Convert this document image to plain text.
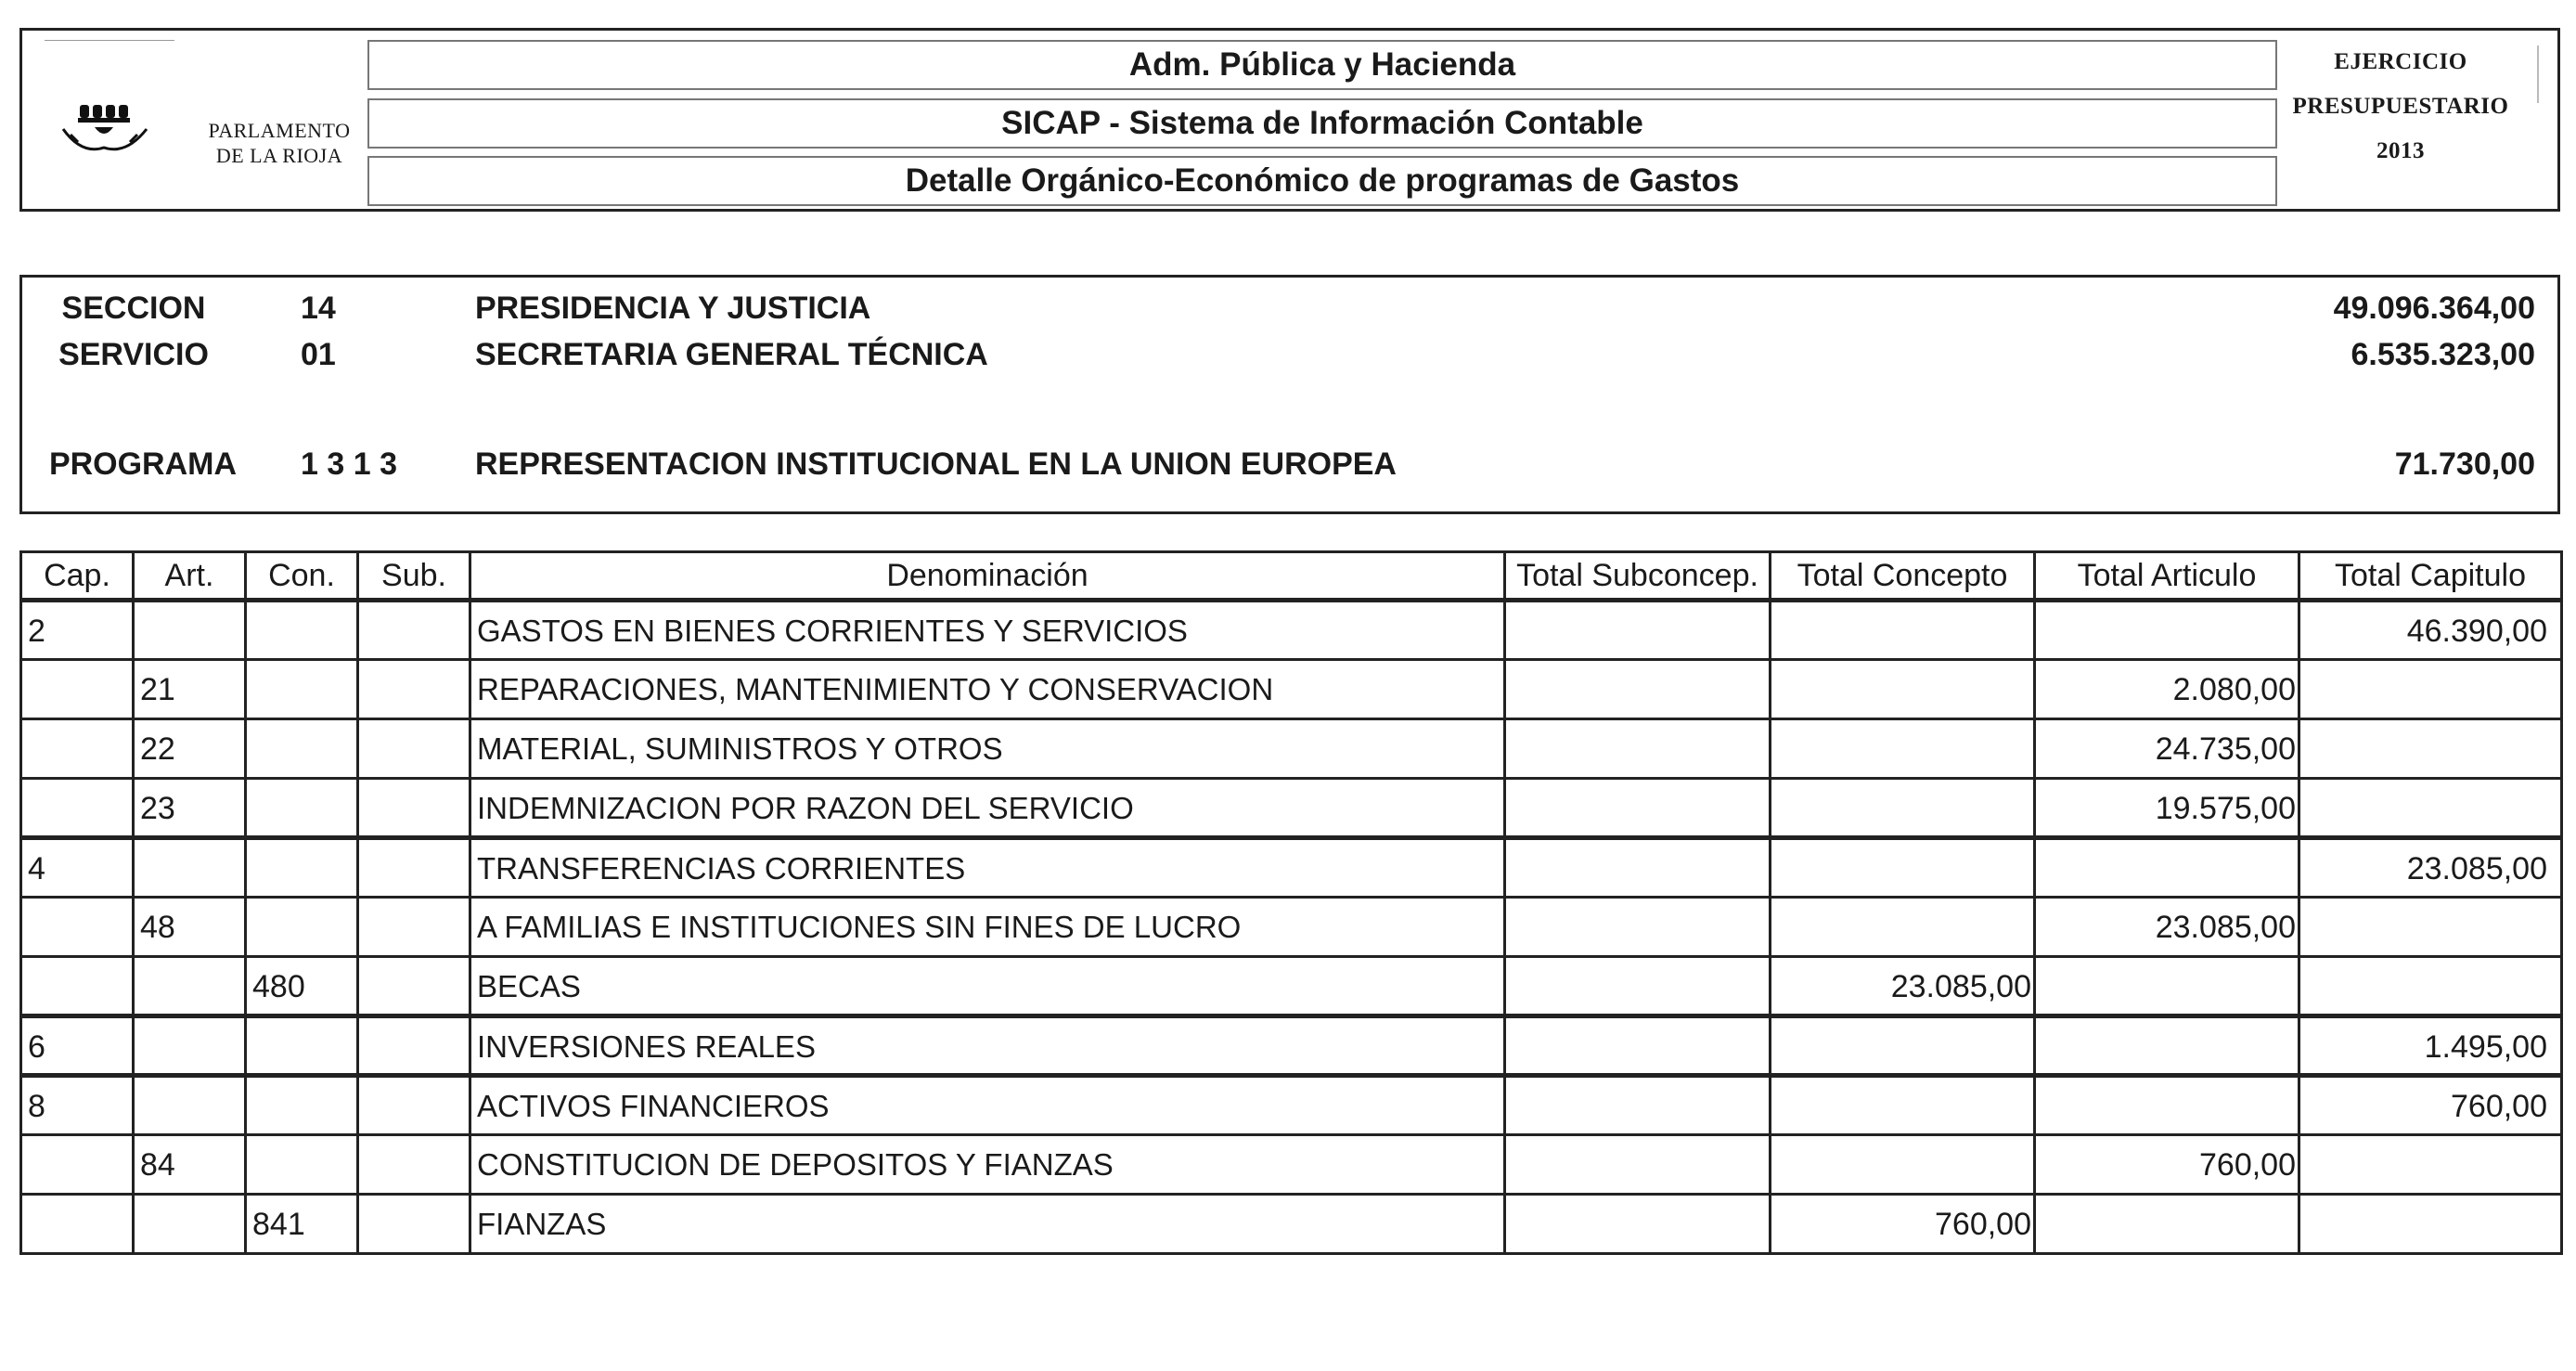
PARLAMENTO
DE LA RIOJA
Adm. Pública y Hacienda
SICAP - Sistema de Información Contable
Detalle Orgánico-Económico de programas de Gastos
EJERCICIO
PRESUPUESTARIO
2013
SECCION	14	PRESIDENCIA Y JUSTICIA	49.096.364,00
SERVICIO	01	SECRETARIA GENERAL TÉCNICA	6.535.323,00
PROGRAMA	1 3 1 3 REPRESENTACION INSTITUCIONAL EN LA UNION EUROPEA	71.730,00
Cap.	Art.	Con.	Sub.	Denominación	Total Subconcep.	Total Concepto	Total Articulo	Total Capitulo
2				GASTOS EN BIENES CORRIENTES Y SERVICIOS				46.390,00
	21			REPARACIONES, MANTENIMIENTO Y CONSERVACION			2.080,00	
	22			MATERIAL, SUMINISTROS Y OTROS			24.735,00	
	23			INDEMNIZACION POR RAZON DEL SERVICIO			19.575,00	
4				TRANSFERENCIAS CORRIENTES				23.085,00
	48			A FAMILIAS E INSTITUCIONES SIN FINES DE LUCRO			23.085,00	
		480		BECAS		23.085,00		
6				INVERSIONES REALES				1.495,00
8				ACTIVOS FINANCIEROS				760,00
	84			CONSTITUCION DE DEPOSITOS Y FIANZAS			760,00	
		841		FIANZAS		760,00		
